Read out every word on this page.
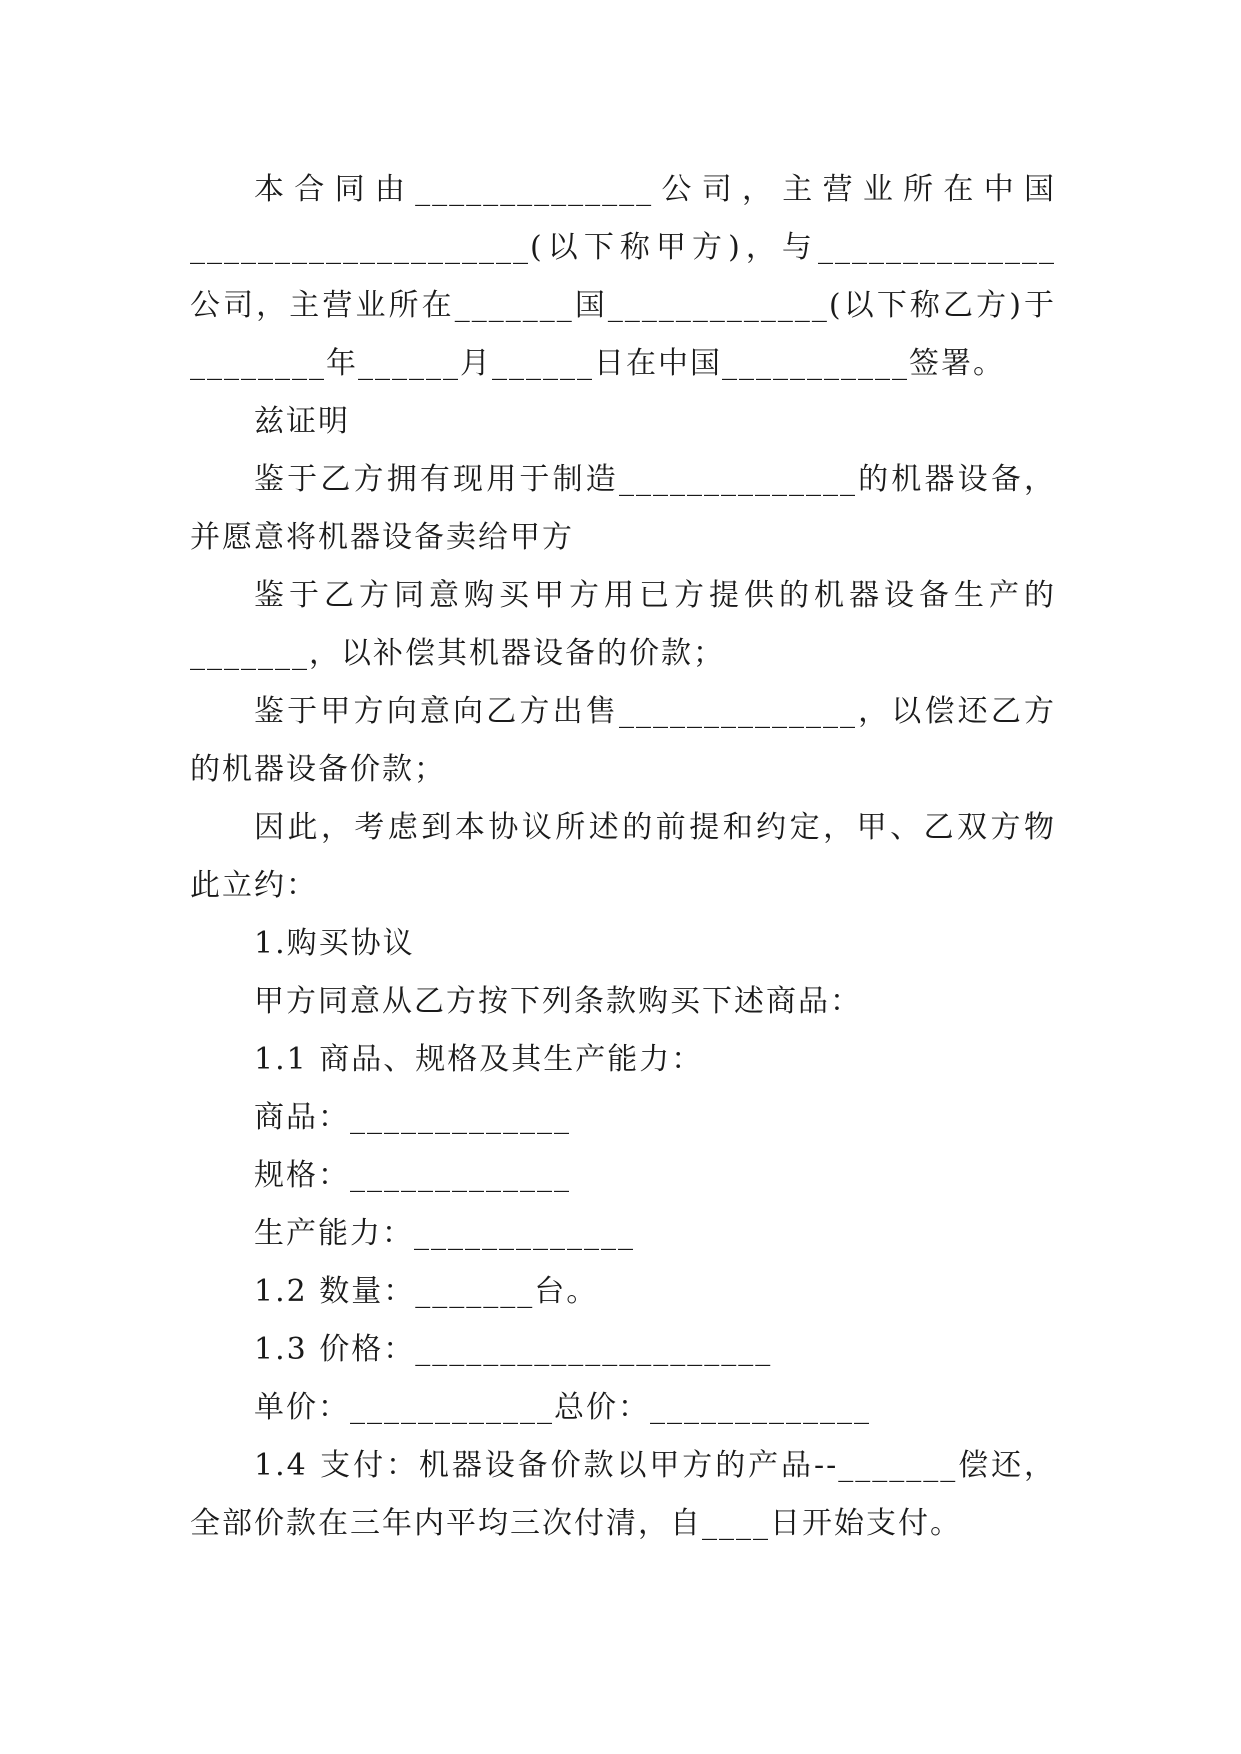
本合同由______________公司，主营业所在中国
____________________(以下称甲方)，与______________
公司，主营业所在_______国_____________(以下称乙方)于
________年______月______日在中国___________签署。
兹证明
鉴于乙方拥有现用于制造______________的机器设备，
并愿意将机器设备卖给甲方
鉴于乙方同意购买甲方用已方提供的机器设备生产的
_______，以补偿其机器设备的价款；
鉴于甲方向意向乙方出售______________，以偿还乙方
的机器设备价款；
因此，考虑到本协议所述的前提和约定，甲、乙双方物
此立约：
1.购买协议
甲方同意从乙方按下列条款购买下述商品：
1.1 商品、规格及其生产能力：
商品：_____________
规格：_____________
生产能力：_____________
1.2 数量：_______台。
1.3 价格：_____________________
单价：____________总价：_____________
1.4 支付：机器设备价款以甲方的产品--_______偿还，
全部价款在三年内平均三次付清，自____日开始支付。
